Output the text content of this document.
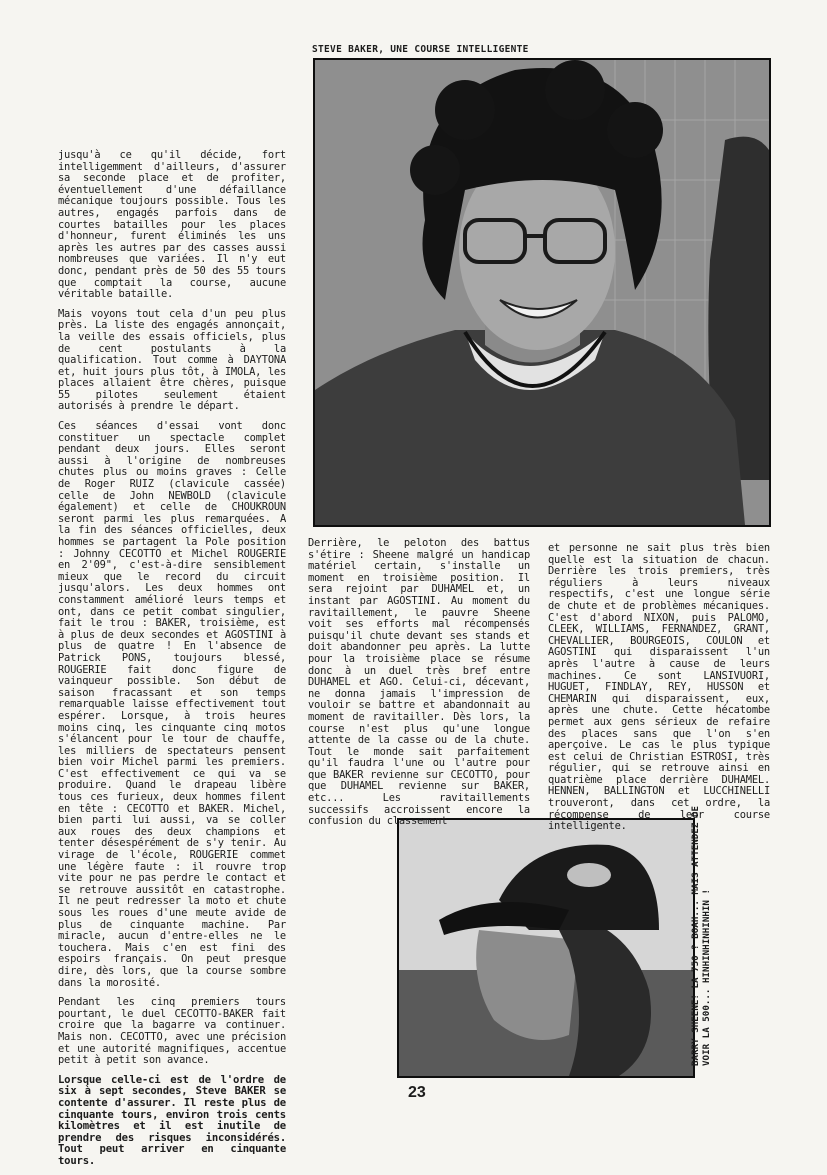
STEVE BAKER, UNE COURSE INTELLIGENTE
BARRY SHEENE! LA 750 ? BOAH... MAIS ATTENDEZ DE VOIR LA 500... HINHINHINHINHIN !

jusqu'à ce qu'il décide, fort intelligemment d'ailleurs, d'assurer sa seconde place et de profiter, éventuellement d'une défaillance mécanique toujours possible. Tous les autres, engagés parfois dans de courtes batailles pour les places d'honneur, furent éliminés les uns après les autres par des casses aussi nombreuses que variées. Il n'y eut donc, pendant près de 50 des 55 tours que comptait la course, aucune véritable bataille.

Mais voyons tout cela d'un peu plus près. La liste des engagés annonçait, la veille des essais officiels, plus de cent postulants à la qualification. Tout comme à DAYTONA et, huit jours plus tôt, à IMOLA, les places allaient être chères, puisque 55 pilotes seulement étaient autorisés à prendre le départ.

Ces séances d'essai vont donc constituer un spectacle complet pendant deux jours. Elles seront aussi à l'origine de nombreuses chutes plus ou moins graves : Celle de Roger RUIZ (clavicule cassée) celle de John NEWBOLD (clavicule également) et celle de CHOUKROUN seront parmi les plus remarquées. A la fin des séances officielles, deux hommes se partagent la Pole position : Johnny CECOTTO et Michel ROUGERIE en 2'09", c'est-à-dire sensiblement mieux que le record du circuit jusqu'alors. Les deux hommes ont constamment amélioré leurs temps et ont, dans ce petit combat singulier, fait le trou : BAKER, troisième, est à plus de deux secondes et AGOSTINI à plus de quatre ! En l'absence de Patrick PONS, toujours blessé, ROUGERIE fait donc figure de vainqueur possible. Son début de saison fracassant et son temps remarquable laisse effectivement tout espérer. Lorsque, à trois heures moins cinq, les cinquante cinq motos s'élancent pour le tour de chauffe, les milliers de spectateurs pensent bien voir Michel parmi les premiers. C'est effectivement ce qui va se produire. Quand le drapeau libère tous ces furieux, deux hommes filent en tête : CECOTTO et BAKER. Michel, bien parti lui aussi, va se coller aux roues des deux champions et tenter désespérément de s'y tenir. Au virage de l'école, ROUGERIE commet une légère faute : il rouvre trop vite pour ne pas perdre le contact et se retrouve aussitôt en catastrophe. Il ne peut redresser la moto et chute sous les roues d'une meute avide de plus de cinquante machine. Par miracle, aucun d'entre-elles ne le touchera. Mais c'en est fini des espoirs français. On peut presque dire, dès lors, que la course sombre dans la morosité.

Pendant les cinq premiers tours pourtant, le duel CECOTTO-BAKER fait croire que la bagarre va continuer. Mais non. CECOTTO, avec une précision et une autorité magnifiques, accentue petit à petit son avance.

Lorsque celle-ci est de l'ordre de six à sept secondes, Steve BAKER se contente d'assurer. Il reste plus de cinquante tours, environ trois cents kilomètres et il est inutile de prendre des risques inconsidérés. Tout peut arriver en cinquante tours.

Derrière, le peloton des battus s'étire : Sheene malgré un handicap matériel certain, s'installe un moment en troisième position. Il sera rejoint par DUHAMEL et, un instant par AGOSTINI. Au moment du ravitaillement, le pauvre Sheene voit ses efforts mal récompensés puisqu'il chute devant ses stands et doit abandonner peu après. La lutte pour la troisième place se résume donc à un duel très bref entre DUHAMEL et AGO. Celui-ci, décevant, ne donna jamais l'impression de vouloir se battre et abandonnait au moment de ravitailler. Dès lors, la course n'est plus qu'une longue attente de la casse ou de la chute. Tout le monde sait parfaitement qu'il faudra l'une ou l'autre pour que BAKER revienne sur CECOTTO, pour que DUHAMEL revienne sur BAKER, etc... Les ravitaillements successifs accroissent encore la confusion du classement

et personne ne sait plus très bien quelle est la situation de chacun. Derrière les trois premiers, très réguliers à leurs niveaux respectifs, c'est une longue série de chute et de problèmes mécaniques. C'est d'abord NIXON, puis PALOMO, CLEEK, WILLIAMS, FERNANDEZ, GRANT, CHEVALLIER, BOURGEOIS, COULON et AGOSTINI qui disparaissent l'un après l'autre à cause de leurs machines. Ce sont LANSIVUORI, HUGUET, FINDLAY, REY, HUSSON et CHEMARIN qui disparaissent, eux, après une chute. Cette hécatombe permet aux gens sérieux de refaire des places sans que l'on s'en aperçoive. Le cas le plus typique est celui de Christian ESTROSI, très régulier, qui se retrouve ainsi en quatrième place derrière DUHAMEL. HENNEN, BALLINGTON et LUCCHINELLI trouveront, dans cet ordre, la récompense de leur course intelligente.

23
